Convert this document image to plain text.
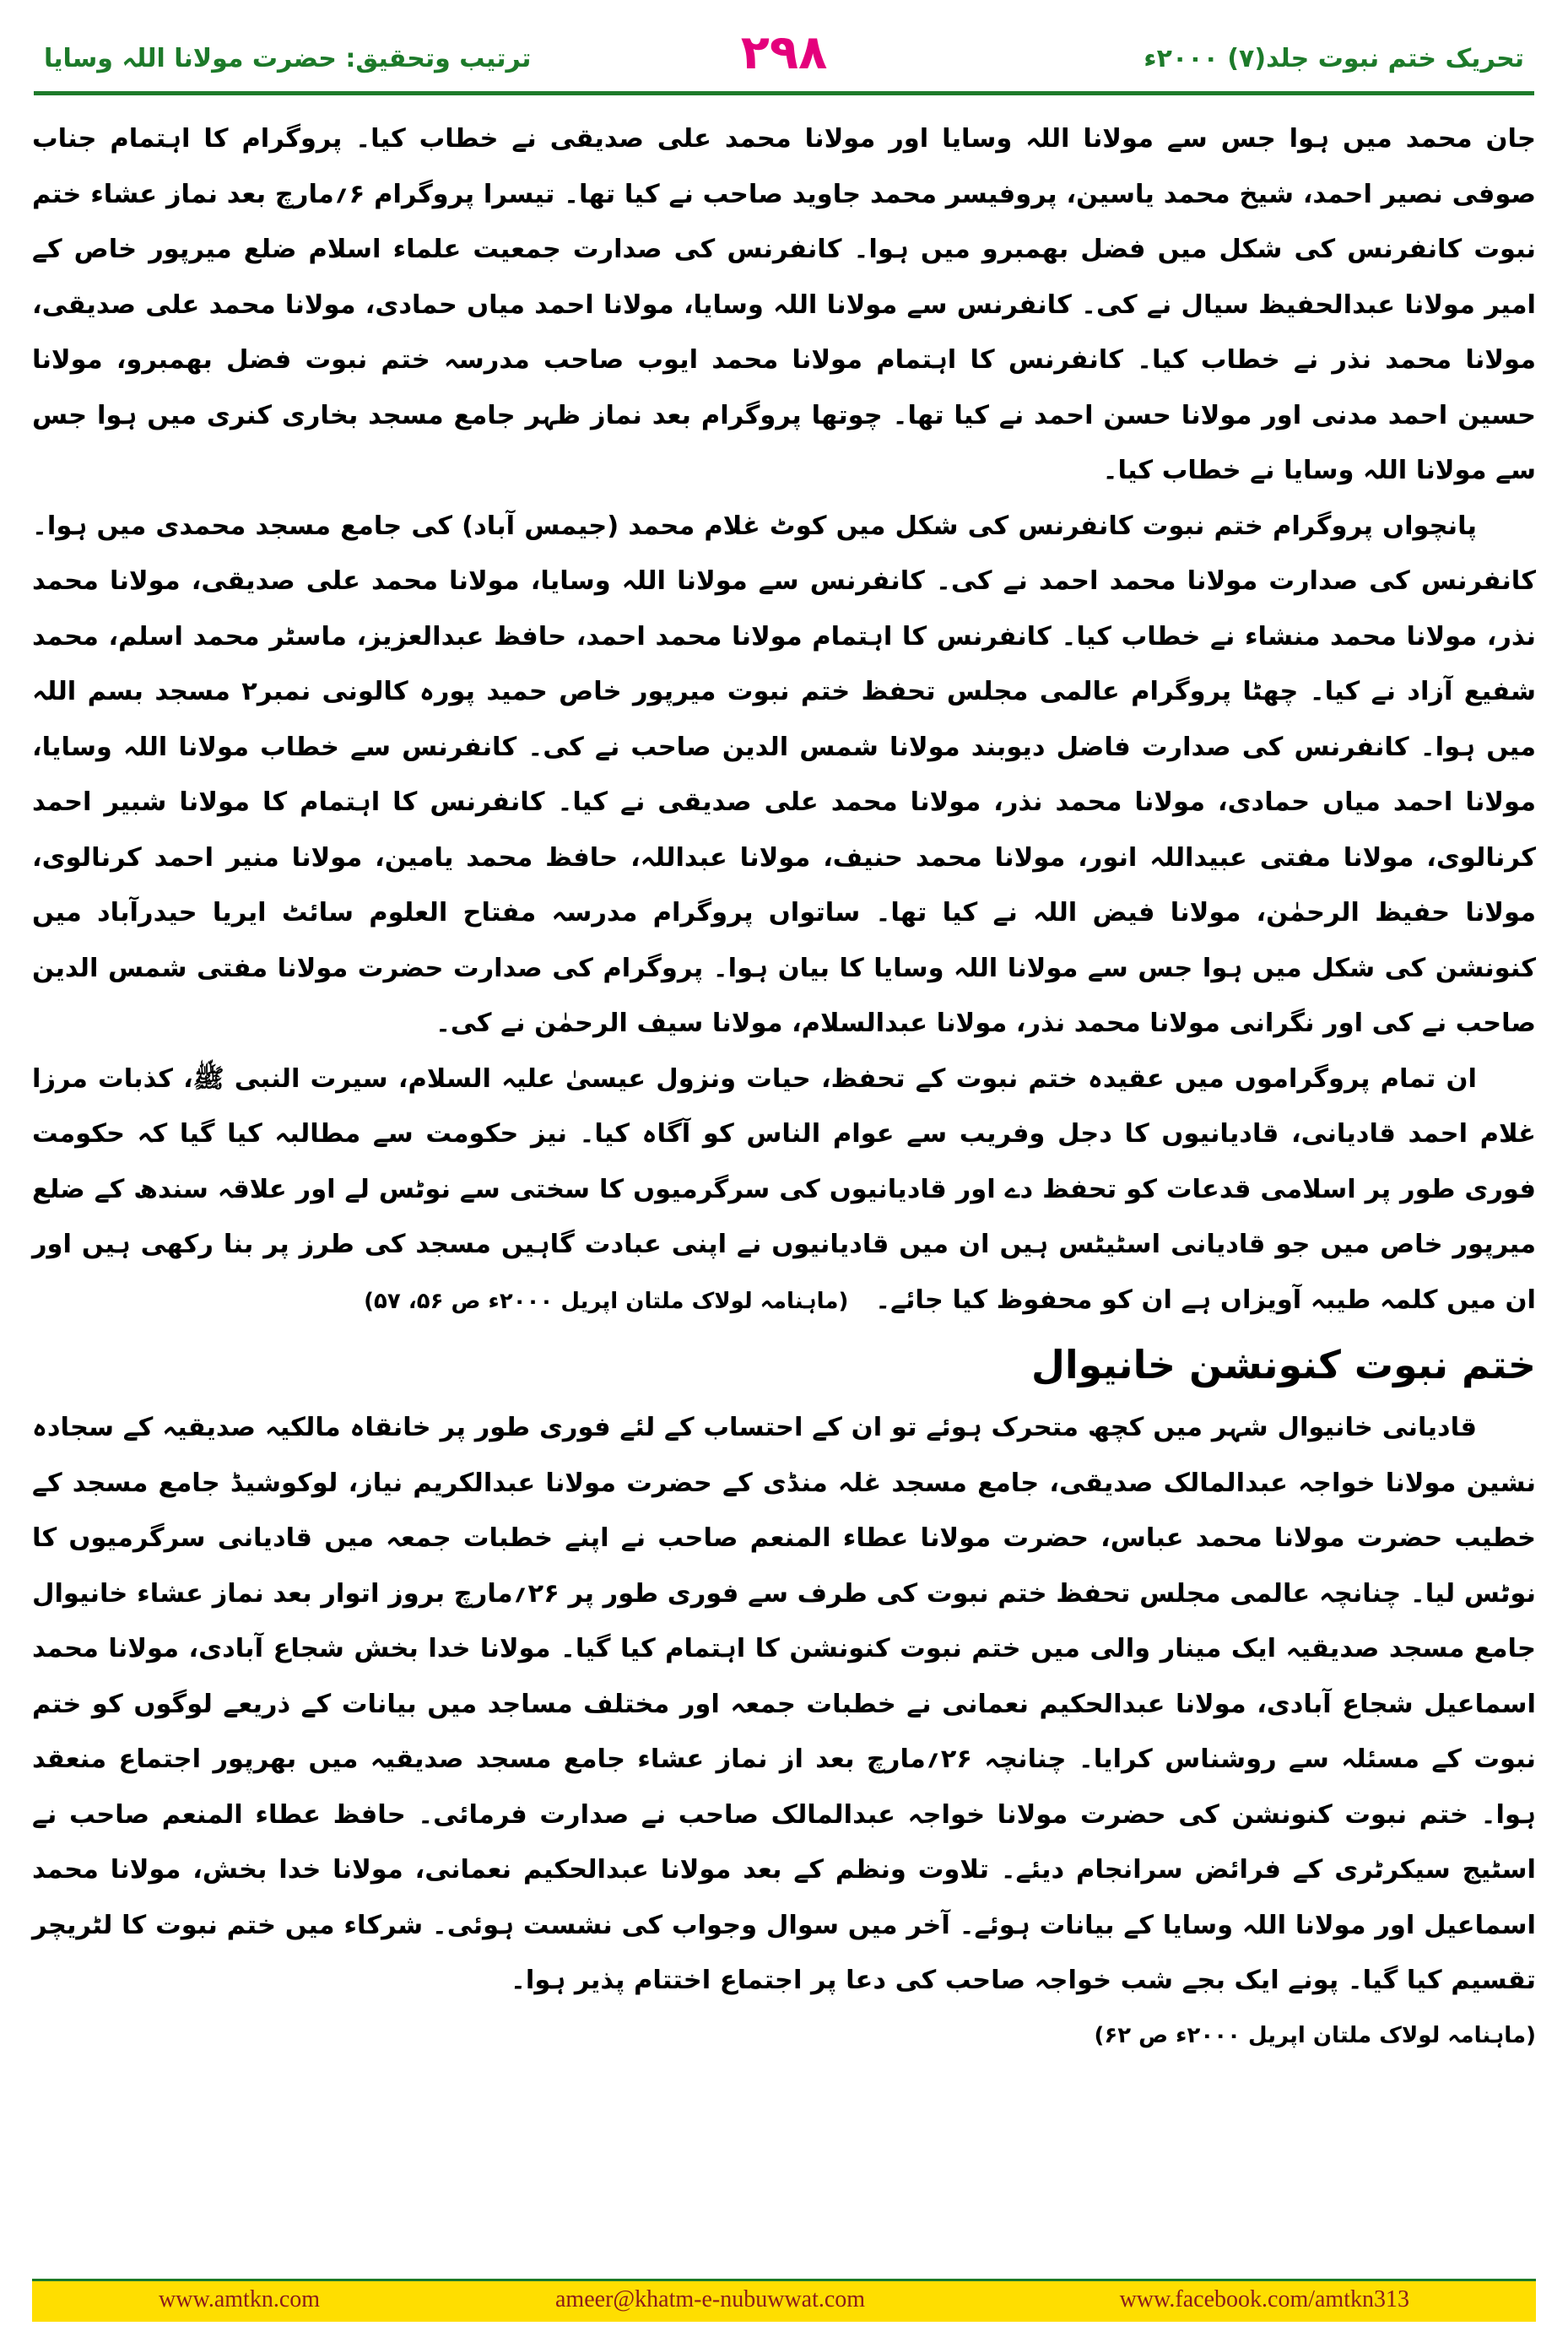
ترتیب وتحقیق: حضرت مولانا اللہ وسایا	۲۹۸	تحریک ختم نبوت جلد(۷) ۲۰۰۰ء

جان محمد میں ہوا جس سے مولانا اللہ وسایا اور مولانا محمد علی صدیقی نے خطاب کیا۔ پروگرام کا اہتمام جناب صوفی نصیر احمد، شیخ محمد یاسین، پروفیسر محمد جاوید صاحب نے کیا تھا۔ تیسرا پروگرام ۶؍مارچ بعد نماز عشاء ختم نبوت کانفرنس کی شکل میں فضل بھمبرو میں ہوا۔ کانفرنس کی صدارت جمعیت علماء اسلام ضلع میرپور خاص کے امیر مولانا عبدالحفیظ سیال نے کی۔ کانفرنس سے مولانا اللہ وسایا، مولانا احمد میاں حمادی، مولانا محمد علی صدیقی، مولانا محمد نذر نے خطاب کیا۔ کانفرنس کا اہتمام مولانا محمد ایوب صاحب مدرسہ ختم نبوت فضل بھمبرو، مولانا حسین احمد مدنی اور مولانا حسن احمد نے کیا تھا۔ چوتھا پروگرام بعد نماز ظہر جامع مسجد بخاری کنری میں ہوا جس سے مولانا اللہ وسایا نے خطاب کیا۔

پانچواں پروگرام ختم نبوت کانفرنس کی شکل میں کوٹ غلام محمد (جیمس آباد) کی جامع مسجد محمدی میں ہوا۔ کانفرنس کی صدارت مولانا محمد احمد نے کی۔ کانفرنس سے مولانا اللہ وسایا، مولانا محمد علی صدیقی، مولانا محمد نذر، مولانا محمد منشاء نے خطاب کیا۔ کانفرنس کا اہتمام مولانا محمد احمد، حافظ عبدالعزیز، ماسٹر محمد اسلم، محمد شفیع آزاد نے کیا۔ چھٹا پروگرام عالمی مجلس تحفظ ختم نبوت میرپور خاص حمید پورہ کالونی نمبر۲ مسجد بسم اللہ میں ہوا۔ کانفرنس کی صدارت فاضل دیوبند مولانا شمس الدین صاحب نے کی۔ کانفرنس سے خطاب مولانا اللہ وسایا، مولانا احمد میاں حمادی، مولانا محمد نذر، مولانا محمد علی صدیقی نے کیا۔ کانفرنس کا اہتمام کا مولانا شبیر احمد کرنالوی، مولانا مفتی عبیداللہ انور، مولانا محمد حنیف، مولانا عبداللہ، حافظ محمد یامین، مولانا منیر احمد کرنالوی، مولانا حفیظ الرحمٰن، مولانا فیض اللہ نے کیا تھا۔ ساتواں پروگرام مدرسہ مفتاح العلوم سائٹ ایریا حیدرآباد میں کنونشن کی شکل میں ہوا جس سے مولانا اللہ وسایا کا بیان ہوا۔ پروگرام کی صدارت حضرت مولانا مفتی شمس الدین صاحب نے کی اور نگرانی مولانا محمد نذر، مولانا عبدالسلام، مولانا سیف الرحمٰن نے کی۔

ان تمام پروگراموں میں عقیدہ ختم نبوت کے تحفظ، حیات ونزول عیسیٰ علیہ السلام، سیرت النبی ﷺ، کذبات مرزا غلام احمد قادیانی، قادیانیوں کا دجل وفریب سے عوام الناس کو آگاہ کیا۔ نیز حکومت سے مطالبہ کیا گیا کہ حکومت فوری طور پر اسلامی قدعات کو تحفظ دے اور قادیانیوں کی سرگرمیوں کا سختی سے نوٹس لے اور علاقہ سندھ کے ضلع میرپور خاص میں جو قادیانی اسٹیٹس ہیں ان میں قادیانیوں نے اپنی عبادت گاہیں مسجد کی طرز پر بنا رکھی ہیں اور ان میں کلمہ طیبہ آویزاں ہے ان کو محفوظ کیا جائے۔   (ماہنامہ لولاک ملتان اپریل ۲۰۰۰ء ص ۵۶، ۵۷)

ختم نبوت کنونشن خانیوال

قادیانی خانیوال شہر میں کچھ متحرک ہوئے تو ان کے احتساب کے لئے فوری طور پر خانقاہ مالکیہ صدیقیہ کے سجادہ نشین مولانا خواجہ عبدالمالک صدیقی، جامع مسجد غلہ منڈی کے حضرت مولانا عبدالکریم نیاز، لوکوشیڈ جامع مسجد کے خطیب حضرت مولانا محمد عباس، حضرت مولانا عطاء المنعم صاحب نے اپنے خطبات جمعہ میں قادیانی سرگرمیوں کا نوٹس لیا۔ چنانچہ عالمی مجلس تحفظ ختم نبوت کی طرف سے فوری طور پر ۲۶؍مارچ بروز اتوار بعد نماز عشاء خانیوال جامع مسجد صدیقیہ ایک مینار والی میں ختم نبوت کنونشن کا اہتمام کیا گیا۔ مولانا خدا بخش شجاع آبادی، مولانا محمد اسماعیل شجاع آبادی، مولانا عبدالحکیم نعمانی نے خطبات جمعہ اور مختلف مساجد میں بیانات کے ذریعے لوگوں کو ختم نبوت کے مسئلہ سے روشناس کرایا۔ چنانچہ ۲۶؍مارچ بعد از نماز عشاء جامع مسجد صدیقیہ میں بھرپور اجتماع منعقد ہوا۔ ختم نبوت کنونشن کی حضرت مولانا خواجہ عبدالمالک صاحب نے صدارت فرمائی۔ حافظ عطاء المنعم صاحب نے اسٹیج سیکرٹری کے فرائض سرانجام دیئے۔ تلاوت ونظم کے بعد مولانا عبدالحکیم نعمانی، مولانا خدا بخش، مولانا محمد اسماعیل اور مولانا اللہ وسایا کے بیانات ہوئے۔ آخر میں سوال وجواب کی نشست ہوئی۔ شرکاء میں ختم نبوت کا لٹریچر تقسیم کیا گیا۔ پونے ایک بجے شب خواجہ صاحب کی دعا پر اجتماع اختتام پذیر ہوا۔

(ماہنامہ لولاک ملتان اپریل ۲۰۰۰ء ص ۶۲)

www.amtkn.com	ameer@khatm-e-nubuwwat.com	www.facebook.com/amtkn313
